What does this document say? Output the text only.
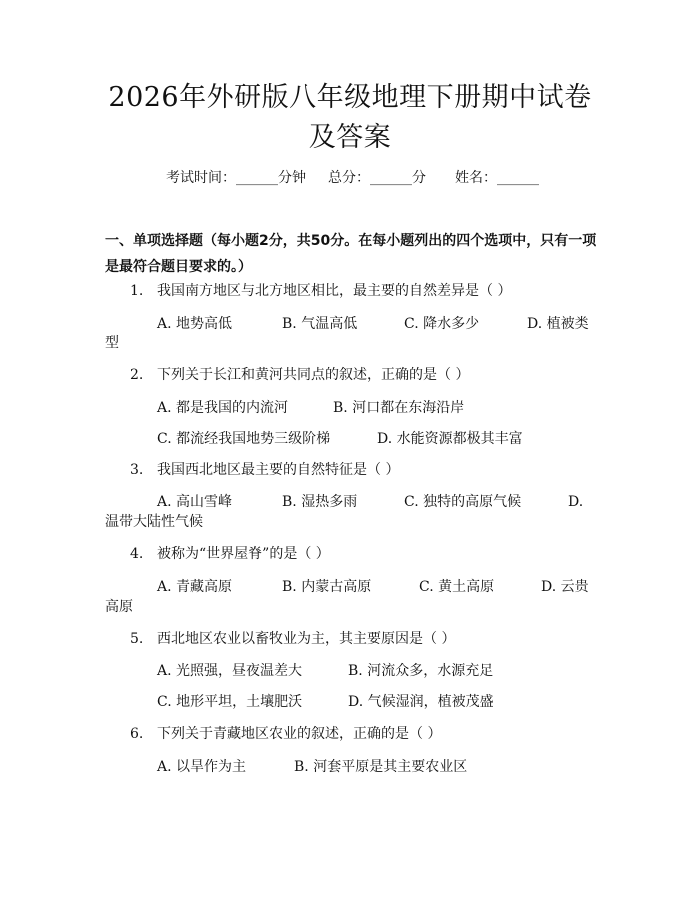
2026年外研版八年级地理下册期中试卷及答案
考试时间：______分钟 总分：______分 姓名：______
一、单项选择题（每小题2分，共50分。在每小题列出的四个选项中，只有一项是最符合题目要求的。）
1. 我国南方地区与北方地区相比，最主要的自然差异是（ ）
A. 地势高低	B. 气温高低	C. 降水多少	D. 植被类
型
2. 下列关于长江和黄河共同点的叙述，正确的是（ ）
A. 都是我国的内流河	B. 河口都在东海沿岸
C. 都流经我国地势三级阶梯	D. 水能资源都极其丰富
3. 我国西北地区最主要的自然特征是（ ）
A. 高山雪峰	B. 湿热多雨	C. 独特的高原气候	D.
温带大陆性气候
4. 被称为“世界屋脊”的是（ ）
A. 青藏高原	B. 内蒙古高原	C. 黄土高原	D. 云贵
高原
5. 西北地区农业以畜牧业为主，其主要原因是（ ）
A. 光照强，昼夜温差大	B. 河流众多，水源充足
C. 地形平坦，土壤肥沃	D. 气候湿润，植被茂盛
6. 下列关于青藏地区农业的叙述，正确的是（ ）
A. 以旱作为主	B. 河套平原是其主要农业区
